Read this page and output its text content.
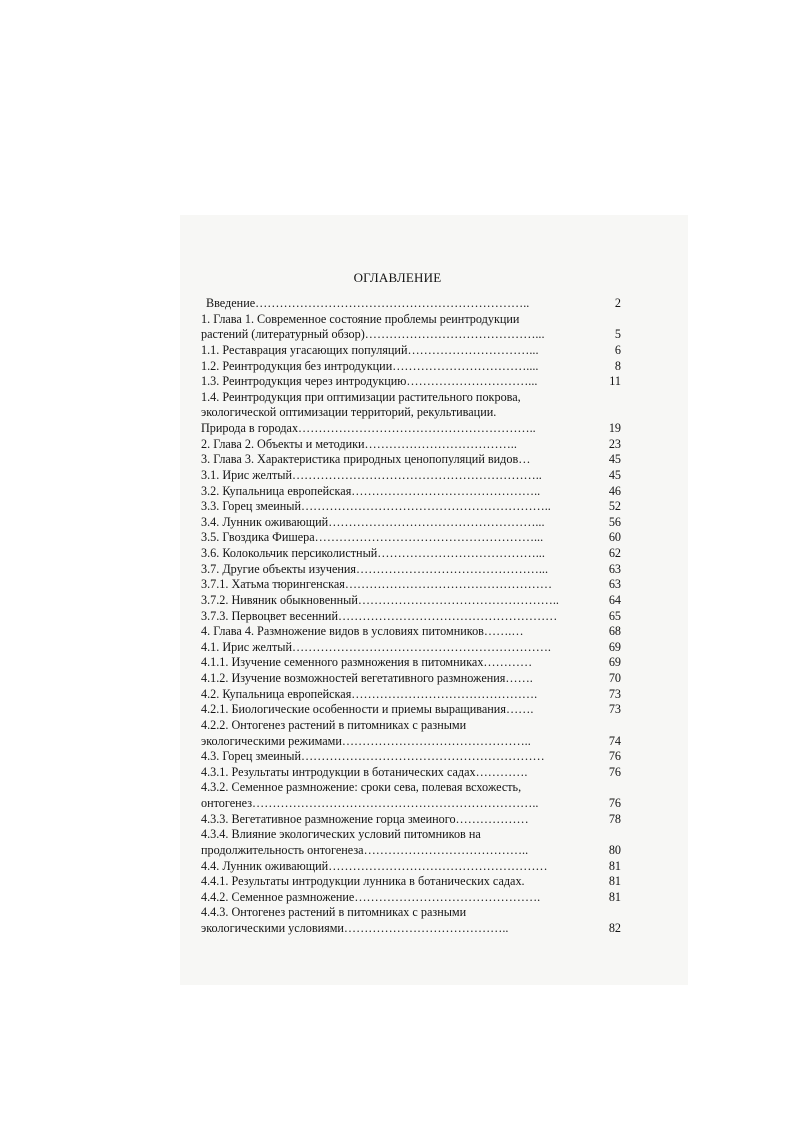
ОГЛАВЛЕНИЕ
Введение…………………………………………………………..	2
1. Глава 1. Современное состояние проблемы реинтродукции
растений (литературный обзор)……………………………………...	5
1.1. Реставрация угасающих популяций…………………………...	6
1.2. Реинтродукция без интродукции……………………………....	8
1.3. Реинтродукция через интродукцию…………………………...	11
1.4. Реинтродукция при оптимизации растительного покрова,
экологической оптимизации территорий, рекультивации.
Природа в городах…………………………………………………..	19
2. Глава 2. Объекты и методики………………………………..	23
3. Глава 3. Характеристика природных ценопопуляций видов…	45
3.1. Ирис желтый……………………………………………………..	45
3.2. Купальница европейская………………………………………..	46
3.3. Горец змеиный……………………………………………………..	52
3.4. Лунник оживающий……………………………………………...	56
3.5. Гвоздика Фишера………………………………………………...	60
3.6. Колокольчик персиколистный…………………………………...	62
3.7. Другие объекты изучения………………………………………...	63
3.7.1. Хатьма тюрингенская……………………………………………	63
3.7.2. Нивяник обыкновенный…………………………………………..	64
3.7.3. Первоцвет весенний………………………………………………	65
4. Глава 4. Размножение видов в условиях питомников…….…	68
4.1. Ирис желтый……………………………………………………….	69
4.1.1. Изучение семенного размножения в питомниках…………	69
4.1.2. Изучение возможностей вегетативного размножения…….	70
4.2. Купальница европейская……………………………………….	73
4.2.1. Биологические особенности и приемы выращивания…….	73
4.2.2. Онтогенез растений в питомниках с разными
экологическими режимами………………………………………..	74
4.3. Горец змеиный……………………………………………………	76
4.3.1. Результаты интродукции в ботанических садах………….	76
4.3.2. Семенное размножение: сроки сева, полевая всхожесть,
онтогенез……………………………………………………………..	76
4.3.3. Вегетативное размножение горца змеиного………………	78
4.3.4. Влияние экологических условий питомников на
продолжительность онтогенеза…………………………………..	80
4.4. Лунник оживающий………………………………………………	81
4.4.1. Результаты интродукции лунника в ботанических садах.	81
4.4.2. Семенное размножение……………………………………….	81
4.4.3. Онтогенез растений в питомниках с разными
экологическими условиями…………………………………..	82
